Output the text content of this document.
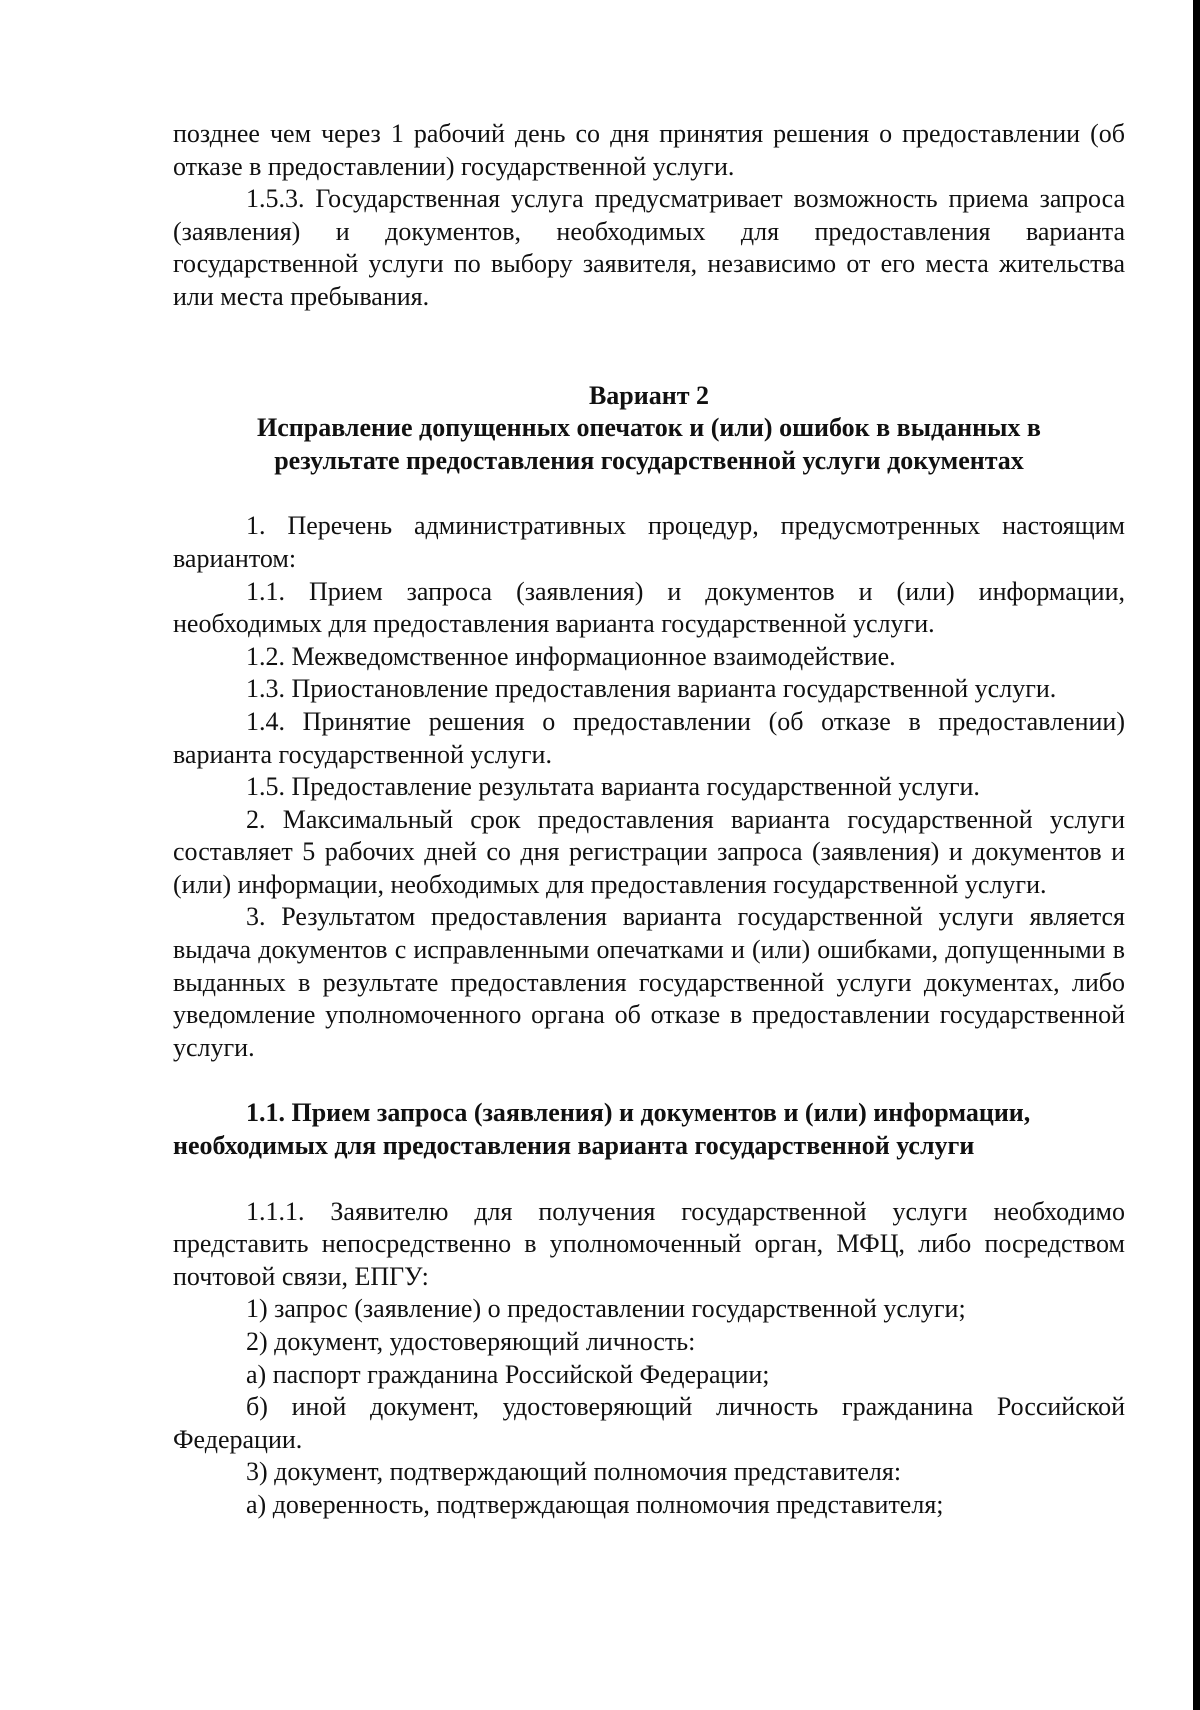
позднее чем через 1 рабочий день со дня принятия решения о предоставлении (об отказе в предоставлении) государственной услуги.

1.5.3. Государственная услуга предусматривает возможность приема запроса (заявления) и документов, необходимых для предоставления варианта государственной услуги по выбору заявителя, независимо от его места жительства или места пребывания.

Вариант 2

Исправление допущенных опечаток и (или) ошибок в выданных в

результате предоставления государственной услуги документах

1. Перечень административных процедур, предусмотренных настоящим вариантом:

1.1. Прием запроса (заявления) и документов и (или) информации, необходимых для предоставления варианта государственной услуги.

1.2. Межведомственное информационное взаимодействие.

1.3. Приостановление предоставления варианта государственной услуги.

1.4. Принятие решения о предоставлении (об отказе в предоставлении) варианта государственной услуги.

1.5. Предоставление результата варианта государственной услуги.

2. Максимальный срок предоставления варианта государственной услуги составляет 5 рабочих дней со дня регистрации запроса (заявления) и документов и (или) информации, необходимых для предоставления государственной услуги.

3. Результатом предоставления варианта государственной услуги является выдача документов с исправленными опечатками и (или) ошибками, допущенными в выданных в результате предоставления государственной услуги документах, либо уведомление уполномоченного органа об отказе в предоставлении государственной услуги.

1.1. Прием запроса (заявления) и документов и (или) информации,

необходимых для предоставления варианта государственной услуги

1.1.1. Заявителю для получения государственной услуги необходимо представить непосредственно в уполномоченный орган, МФЦ, либо посредством почтовой связи, ЕПГУ:

1) запрос (заявление) о предоставлении государственной услуги;

2) документ, удостоверяющий личность:

а) паспорт гражданина Российской Федерации;

б) иной документ, удостоверяющий личность гражданина Российской Федерации.

3) документ, подтверждающий полномочия представителя:

а) доверенность, подтверждающая полномочия представителя;
